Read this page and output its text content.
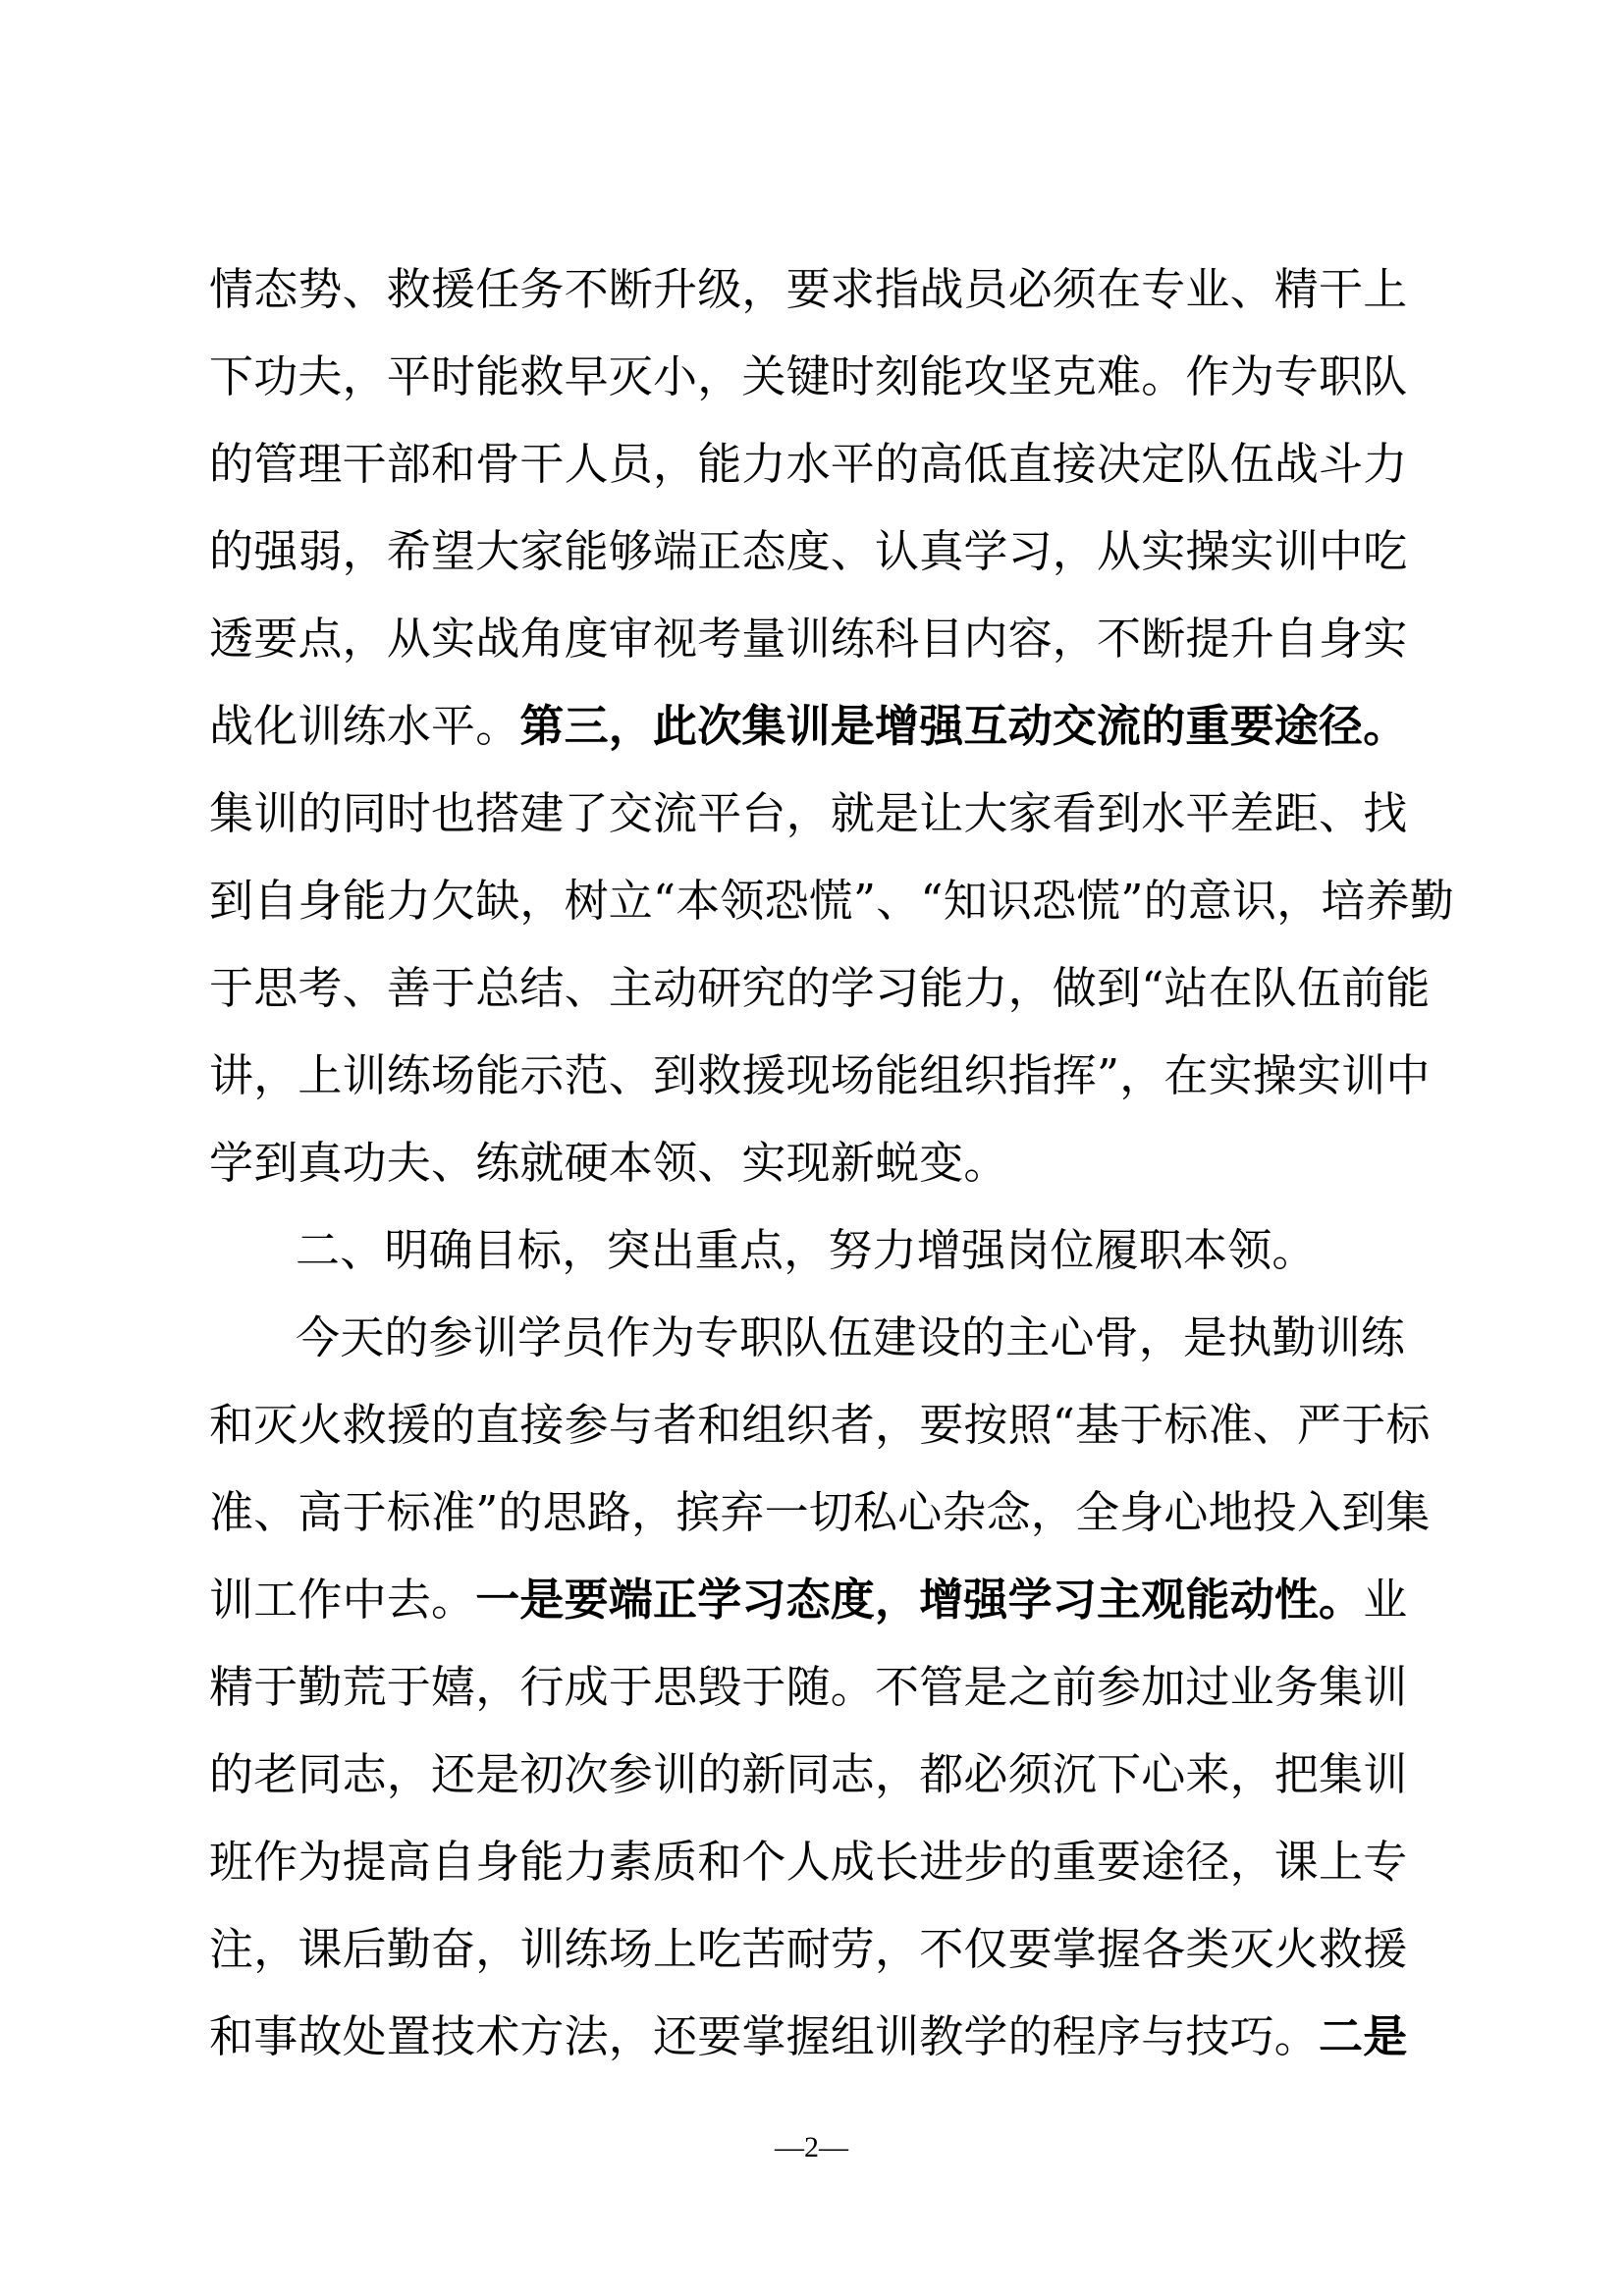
情态势、救援任务不断升级，要求指战员必须在专业、精干上
下功夫，平时能救早灭小，关键时刻能攻坚克难。作为专职队
的管理干部和骨干人员，能力水平的高低直接决定队伍战斗力
的强弱，希望大家能够端正态度、认真学习，从实操实训中吃
透要点，从实战角度审视考量训练科目内容，不断提升自身实
战化训练水平。第三，此次集训是增强互动交流的重要途径。
集训的同时也搭建了交流平台，就是让大家看到水平差距、找
到自身能力欠缺，树立“本领恐慌”、“知识恐慌”的意识，培养勤
于思考、善于总结、主动研究的学习能力，做到“站在队伍前能
讲，上训练场能示范、到救援现场能组织指挥”，在实操实训中
学到真功夫、练就硬本领、实现新蜕变。
二、明确目标，突出重点，努力增强岗位履职本领。
今天的参训学员作为专职队伍建设的主心骨，是执勤训练
和灭火救援的直接参与者和组织者，要按照“基于标准、严于标
准、高于标准”的思路，摈弃一切私心杂念，全身心地投入到集
训工作中去。一是要端正学习态度，增强学习主观能动性。业
精于勤荒于嬉，行成于思毁于随。不管是之前参加过业务集训
的老同志，还是初次参训的新同志，都必须沉下心来，把集训
班作为提高自身能力素质和个人成长进步的重要途径，课上专
注，课后勤奋，训练场上吃苦耐劳，不仅要掌握各类灭火救援
和事故处置技术方法，还要掌握组训教学的程序与技巧。二是
—2—
